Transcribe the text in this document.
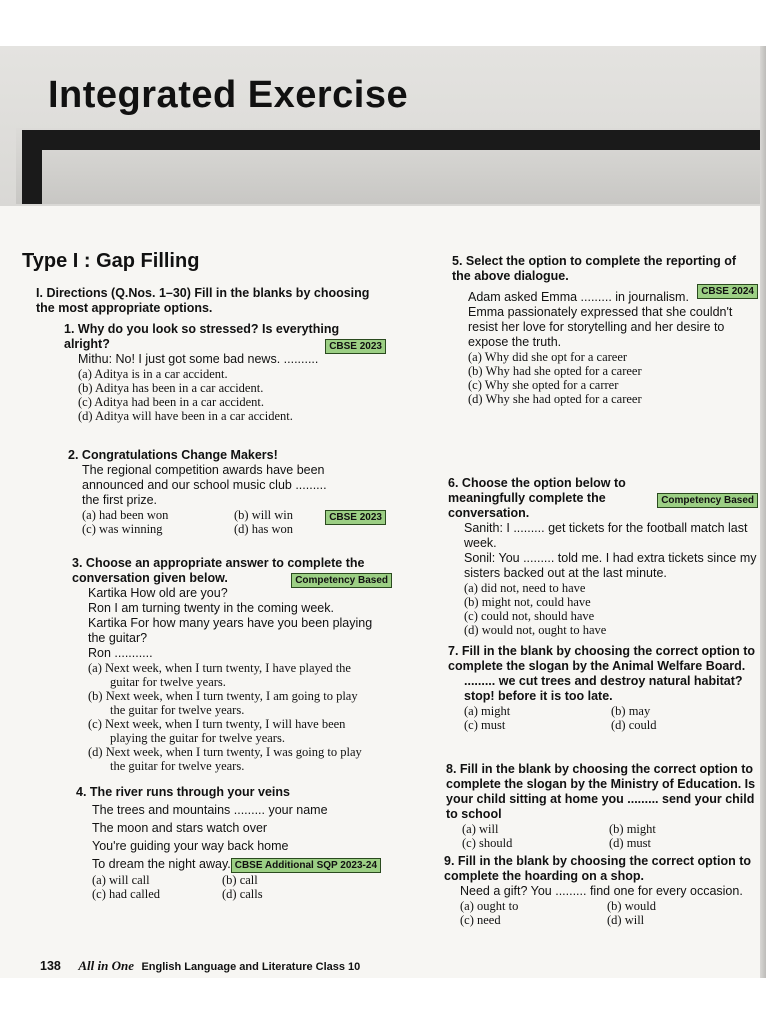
Integrated Exercise
Type I : Gap Filling
I. Directions (Q.Nos. 1–30) Fill in the blanks by choosing the most appropriate options.
1. Why do you look so stressed? Is everything alright?	CBSE 2023
Mithu: No! I just got some bad news. ..........
(a) Aditya is in a car accident.
(b) Aditya has been in a car accident.
(c) Aditya had been in a car accident.
(d) Aditya will have been in a car accident.
2. Congratulations Change Makers!
The regional competition awards have been announced and our school music club ......... the first prize.
CBSE 2023
(a) had been won	(b) will win
(c) was winning	(d) has won
3. Choose an appropriate answer to complete the conversation given below.	Competency Based
Kartika How old are you?
Ron I am turning twenty in the coming week.
Kartika For how many years have you been playing the guitar?
Ron ...........
(a) Next week, when I turn twenty, I have played the
guitar for twelve years.
(b) Next week, when I turn twenty, I am going to play
the guitar for twelve years.
(c) Next week, when I turn twenty, I will have been
playing the guitar for twelve years.
(d) Next week, when I turn twenty, I was going to play
the guitar for twelve years.
4. The river runs through your veins
The trees and mountains ......... your name
The moon and stars watch over
You're guiding your way back home
To dream the night away. CBSE Additional SQP 2023-24
(a) will call	(b) call
(c) had called	(d) calls
5. Select the option to complete the reporting of the above dialogue.
CBSE 2024
Adam asked Emma ......... in journalism.
Emma passionately expressed that she couldn't resist her love for storytelling and her desire to expose the truth.
(a) Why did she opt for a career
(b) Why had she opted for a career
(c) Why she opted for a carrer
(d) Why she had opted for a career
6. Choose the option below to meaningfully complete the conversation.
Competency Based
Sanith: I ......... get tickets for the football match last week.
Sonil: You ......... told me. I had extra tickets since my sisters backed out at the last minute.
(a) did not, need to have
(b) might not, could have
(c) could not, should have
(d) would not, ought to have
7. Fill in the blank by choosing the correct option to complete the slogan by the Animal Welfare Board.
......... we cut trees and destroy natural habitat? stop! before it is too late.
(a) might	(b) may
(c) must	(d) could
8. Fill in the blank by choosing the correct option to complete the slogan by the Ministry of Education. Is your child sitting at home you ......... send your child to school
(a) will	(b) might
(c) should	(d) must
9. Fill in the blank by choosing the correct option to complete the hoarding on a shop.
Need a gift? You ......... find one for every occasion.
(a) ought to	(b) would
(c) need	(d) will
138 All in One English Language and Literature Class 10
